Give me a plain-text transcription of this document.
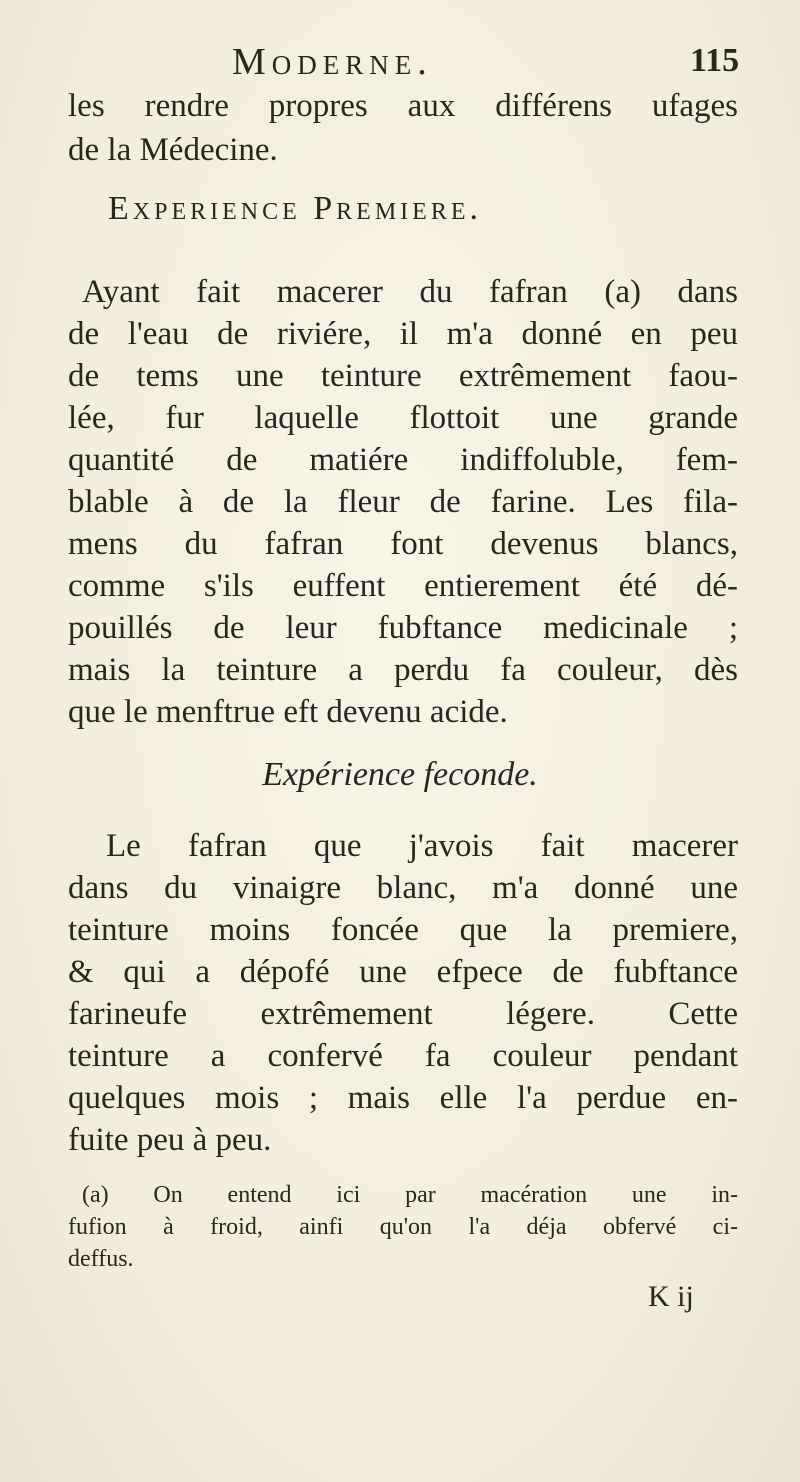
Moderne.	115
les rendre propres aux différens ufages
de la Médecine.
Experience Premiere.
Ayant fait macerer du fafran (a) dans
de l'eau de riviére, il m'a donné en peu
de tems une teinture extrêmement faou-
lée, fur laquelle flottoit une grande
quantité de matiére indiffoluble, fem-
blable à de la fleur de farine. Les fila-
mens du fafran font devenus blancs,
comme s'ils euffent entierement été dé-
pouillés de leur fubftance medicinale ;
mais la teinture a perdu fa couleur, dès
que le menftrue eft devenu acide.
Expérience feconde.
Le fafran que j'avois fait macerer
dans du vinaigre blanc, m'a donné une
teinture moins foncée que la premiere,
& qui a dépofé une efpece de fubftance
farineufe extrêmement légere. Cette
teinture a confervé fa couleur pendant
quelques mois ; mais elle l'a perdue en-
fuite peu à peu.
(a) On entend ici par macération une in-
fufion à froid, ainfi qu'on l'a déja obfervé ci-
deffus.
K ij
